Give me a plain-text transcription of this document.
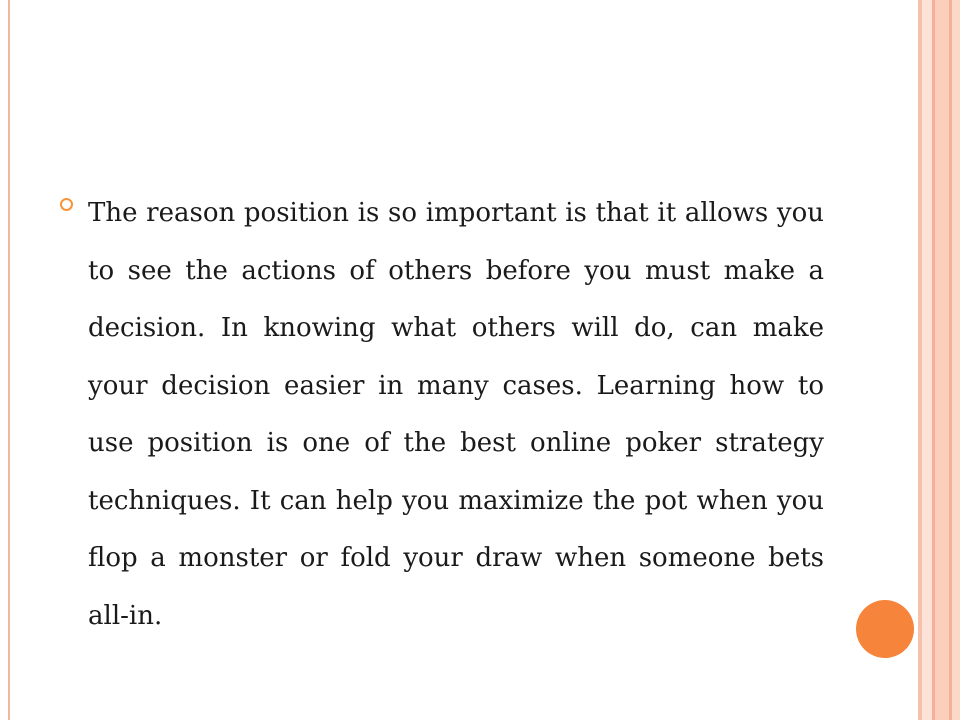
The reason position is so important is that it allows you to see the actions of others before you must make a decision. In knowing what others will do, can make your decision easier in many cases. Learning how to use position is one of the best online poker strategy techniques. It can help you maximize the pot when you flop a monster or fold your draw when someone bets all-in.
